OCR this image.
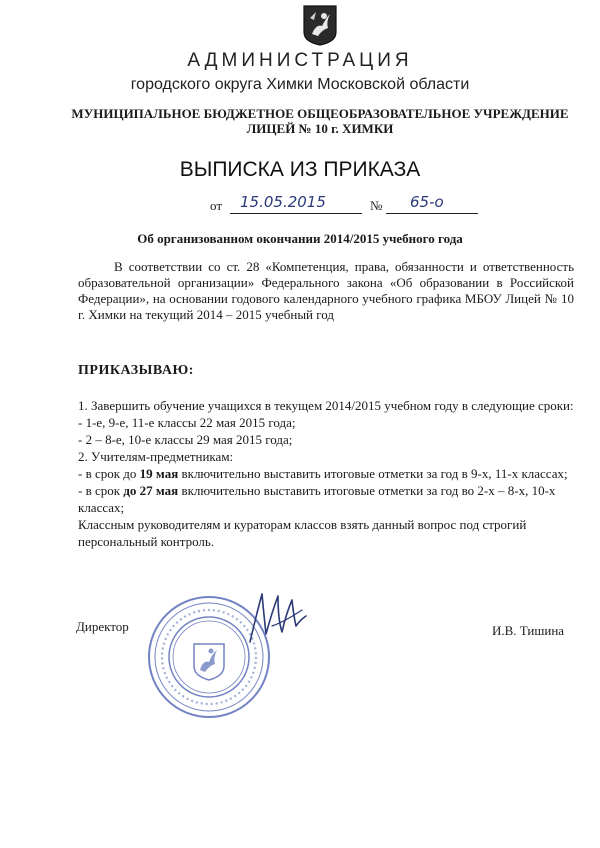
АДМИНИСТРАЦИЯ
городского округа Химки Московской области
МУНИЦИПАЛЬНОЕ БЮДЖЕТНОЕ ОБЩЕОБРАЗОВАТЕЛЬНОЕ УЧРЕЖДЕНИЕ
ЛИЦЕЙ № 10 г. ХИМКИ
ВЫПИСКА ИЗ ПРИКАЗА
от 15.05.2015	№ 65-о
Об организованном окончании 2014/2015 учебного года

В соответствии со ст. 28 «Компетенция, права, обязанности и ответственность образовательной организации» Федерального закона «Об образовании в Российской Федерации», на основании годового календарного учебного графика МБОУ Лицей № 10 г. Химки на текущий 2014 – 2015 учебный год

ПРИКАЗЫВАЮ:
1. Завершить обучение учащихся в текущем 2014/2015 учебном году в следующие сроки:
- 1-е, 9-е, 11-е классы 22 мая 2015 года;
- 2 – 8-е, 10-е классы 29 мая 2015 года;
2. Учителям-предметникам:
- в срок до 19 мая включительно выставить итоговые отметки за год в 9-х, 11-х классах;
- в срок до 27 мая включительно выставить итоговые отметки за год во 2-х – 8-х, 10-х классах;
Классным руководителям и кураторам классов взять данный вопрос под строгий персональный контроль.
Директор	И.В. Тишина
